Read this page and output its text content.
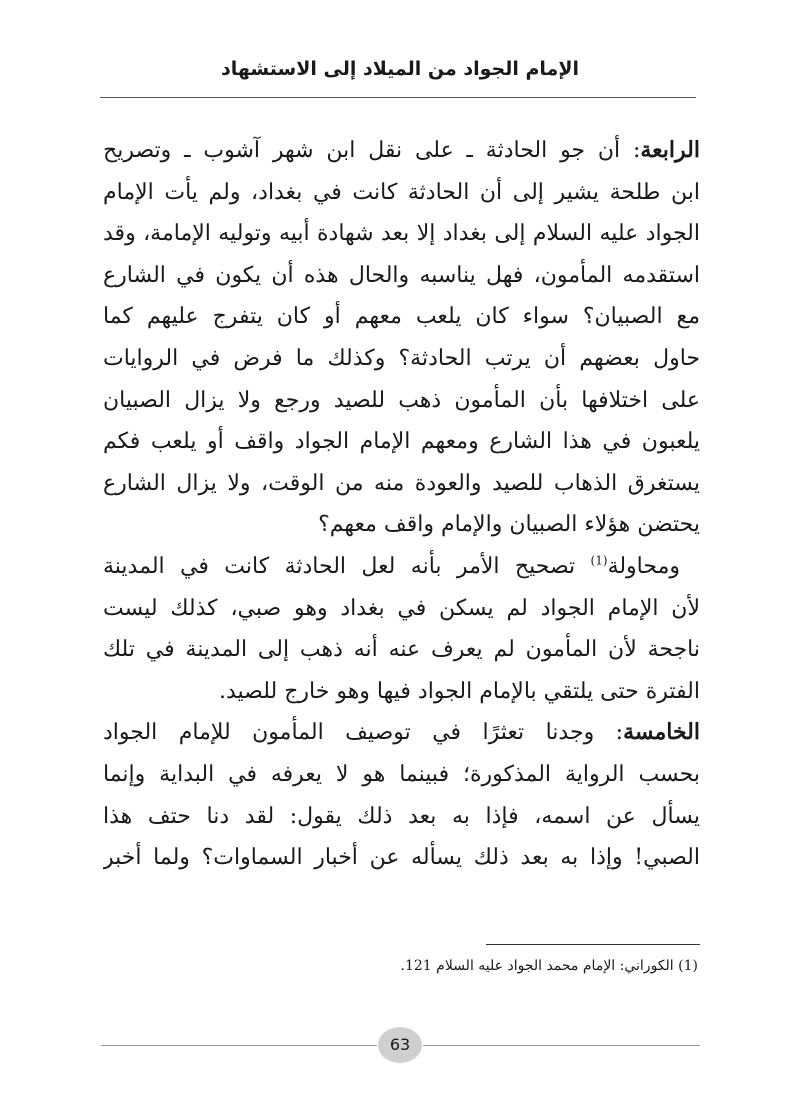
الإمام الجواد من الميلاد إلى الاستشهاد

الرابعة: أن جو الحادثة ـ على نقل ابن شهر آشوب ـ وتصريح
ابن طلحة يشير إلى أن الحادثة كانت في بغداد، ولم يأت الإمام
الجواد عليه السلام إلى بغداد إلا بعد شهادة أبيه وتوليه الإمامة، وقد
استقدمه المأمون، فهل يناسبه والحال هذه أن يكون في الشارع
مع الصبيان؟ سواء كان يلعب معهم أو كان يتفرج عليهم كما
حاول بعضهم أن يرتب الحادثة؟ وكذلك ما فرض في الروايات
على اختلافها بأن المأمون ذهب للصيد ورجع ولا يزال الصبيان
يلعبون في هذا الشارع ومعهم الإمام الجواد واقف أو يلعب فكم
يستغرق الذهاب للصيد والعودة منه من الوقت، ولا يزال الشارع
يحتضن هؤلاء الصبيان والإمام واقف معهم؟

ومحاولة$^{(1)}$ تصحيح الأمر بأنه لعل الحادثة كانت في المدينة
لأن الإمام الجواد لم يسكن في بغداد وهو صبي، كذلك ليست
ناجحة لأن المأمون لم يعرف عنه أنه ذهب إلى المدينة في تلك
الفترة حتى يلتقي بالإمام الجواد فيها وهو خارج للصيد.

الخامسة: وجدنا تعثرًا في توصيف المأمون للإمام الجواد
بحسب الرواية المذكورة؛ فبينما هو لا يعرفه في البداية وإنما
يسأل عن اسمه، فإذا به بعد ذلك يقول: لقد دنا حتف هذا
الصبي! وإذا به بعد ذلك يسأله عن أخبار السماوات؟ ولما أخبر

(1) الكوراني: الإمام محمد الجواد عليه السلام 121.
63
